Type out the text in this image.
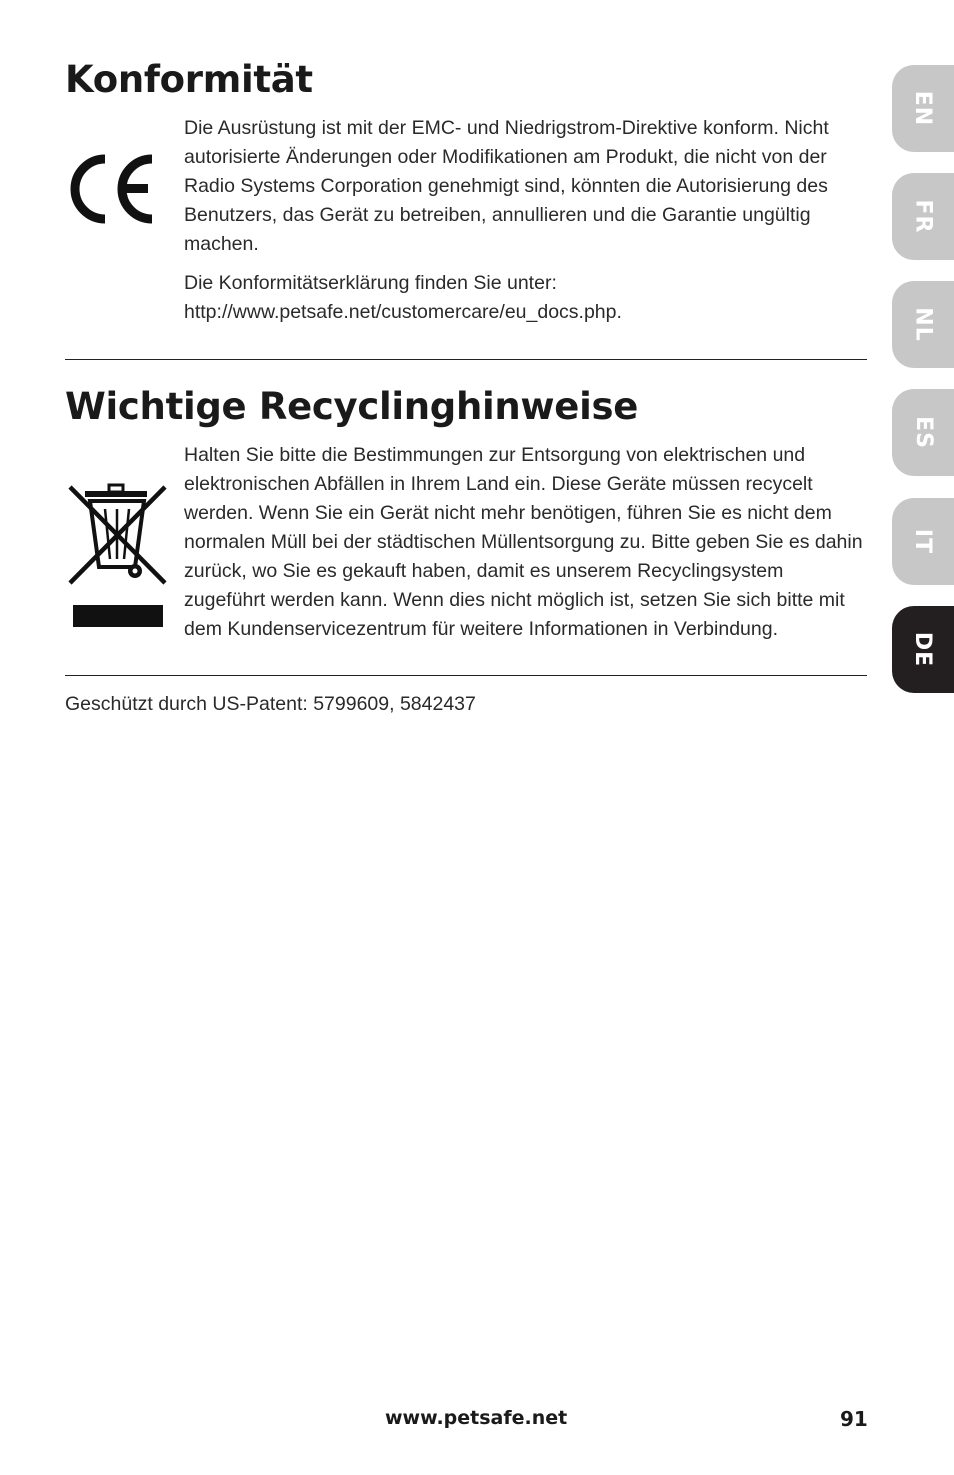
EN
FR
NL
ES
IT
DE
Konformität

Die Ausrüstung ist mit der EMC- und Niedrigstrom-Direktive konform. Nicht autorisierte Änderungen oder Modifikationen am Produkt, die nicht von der Radio Systems Corporation genehmigt sind, könnten die Autorisierung des Benutzers, das Gerät zu betreiben, annullieren und die Garantie ungültig machen.

Die Konformitätserklärung finden Sie unter: http://www.petsafe.net/customercare/eu_docs.php.

Wichtige Recyclinghinweise

Halten Sie bitte die Bestimmungen zur Entsorgung von elektrischen und elektronischen Abfällen in Ihrem Land ein. Diese Geräte müssen recycelt werden. Wenn Sie ein Gerät nicht mehr benötigen, führen Sie es nicht dem normalen Müll bei der städtischen Müllentsorgung zu. Bitte geben Sie es dahin zurück, wo Sie es gekauft haben, damit es unserem Recyclingsystem zugeführt werden kann. Wenn dies nicht möglich ist, setzen Sie sich bitte mit dem Kundenservicezentrum für weitere Informationen in Verbindung.

Geschützt durch US-Patent: 5799609, 5842437

www.petsafe.net	91
